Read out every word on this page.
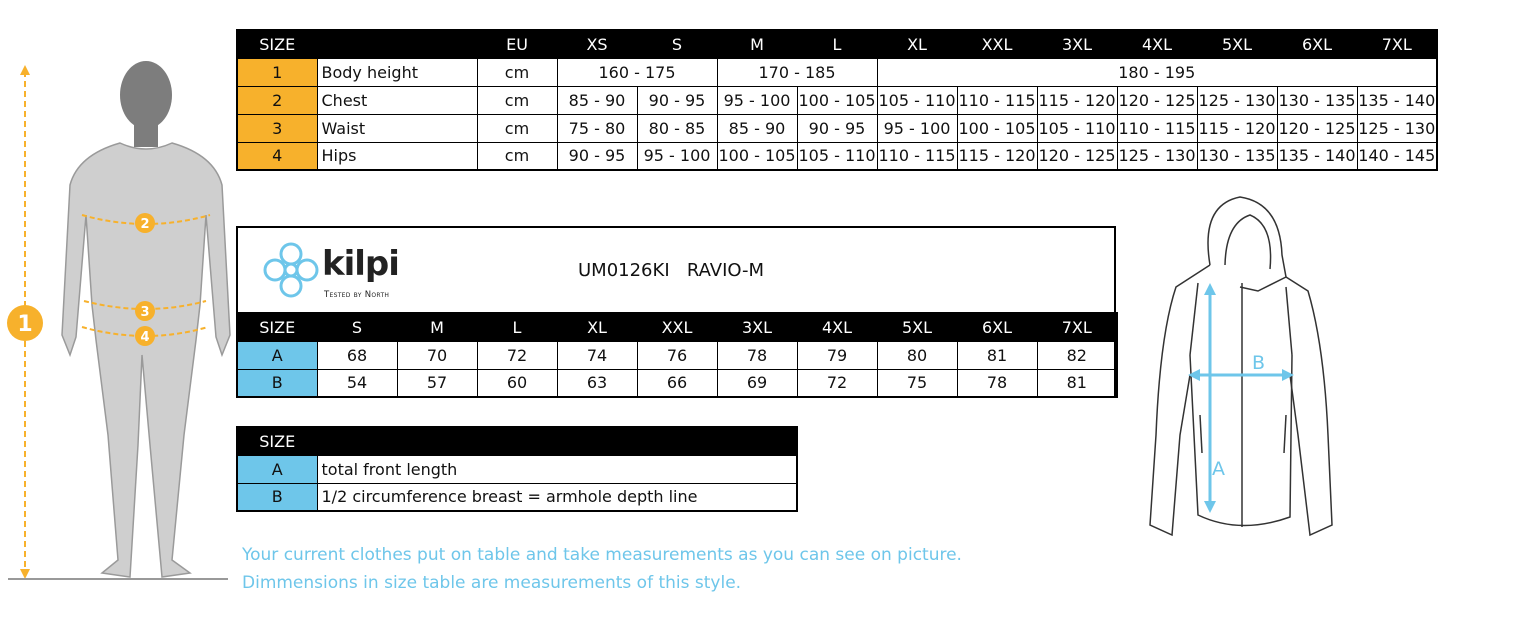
1
2
3
4
SIZE		EU	XS	S	M	L	XL	XXL	3XL	4XL	5XL	6XL	7XL
1	Body height	cm	160 - 175		170 - 185		180 - 195						
2	Chest	cm	85 - 90	90 - 95	95 - 100	100 - 105	105 - 110	110 - 115	115 - 120	120 - 125	125 - 130	130 - 135	135 - 140
3	Waist	cm	75 - 80	80 - 85	85 - 90	90 - 95	95 - 100	100 - 105	105 - 110	110 - 115	115 - 120	120 - 125	125 - 130
4	Hips	cm	90 - 95	95 - 100	100 - 105	105 - 110	110 - 115	115 - 120	120 - 125	125 - 130	130 - 135	135 - 140	140 - 145
kilpi
Tested by North
UM0126KI RAVIO-M
SIZE	S	M	L	XL	XXL	3XL	4XL	5XL	6XL	7XL
A	68	70	72	74	76	78	79	80	81	82
B	54	57	60	63	66	69	72	75	78	81
SIZE	
A	total front length
B	1/2 circumference breast = armhole depth line
A
B
Your current clothes put on table and take measurements as you can see on picture.
Dimmensions in size table are measurements of this style.
